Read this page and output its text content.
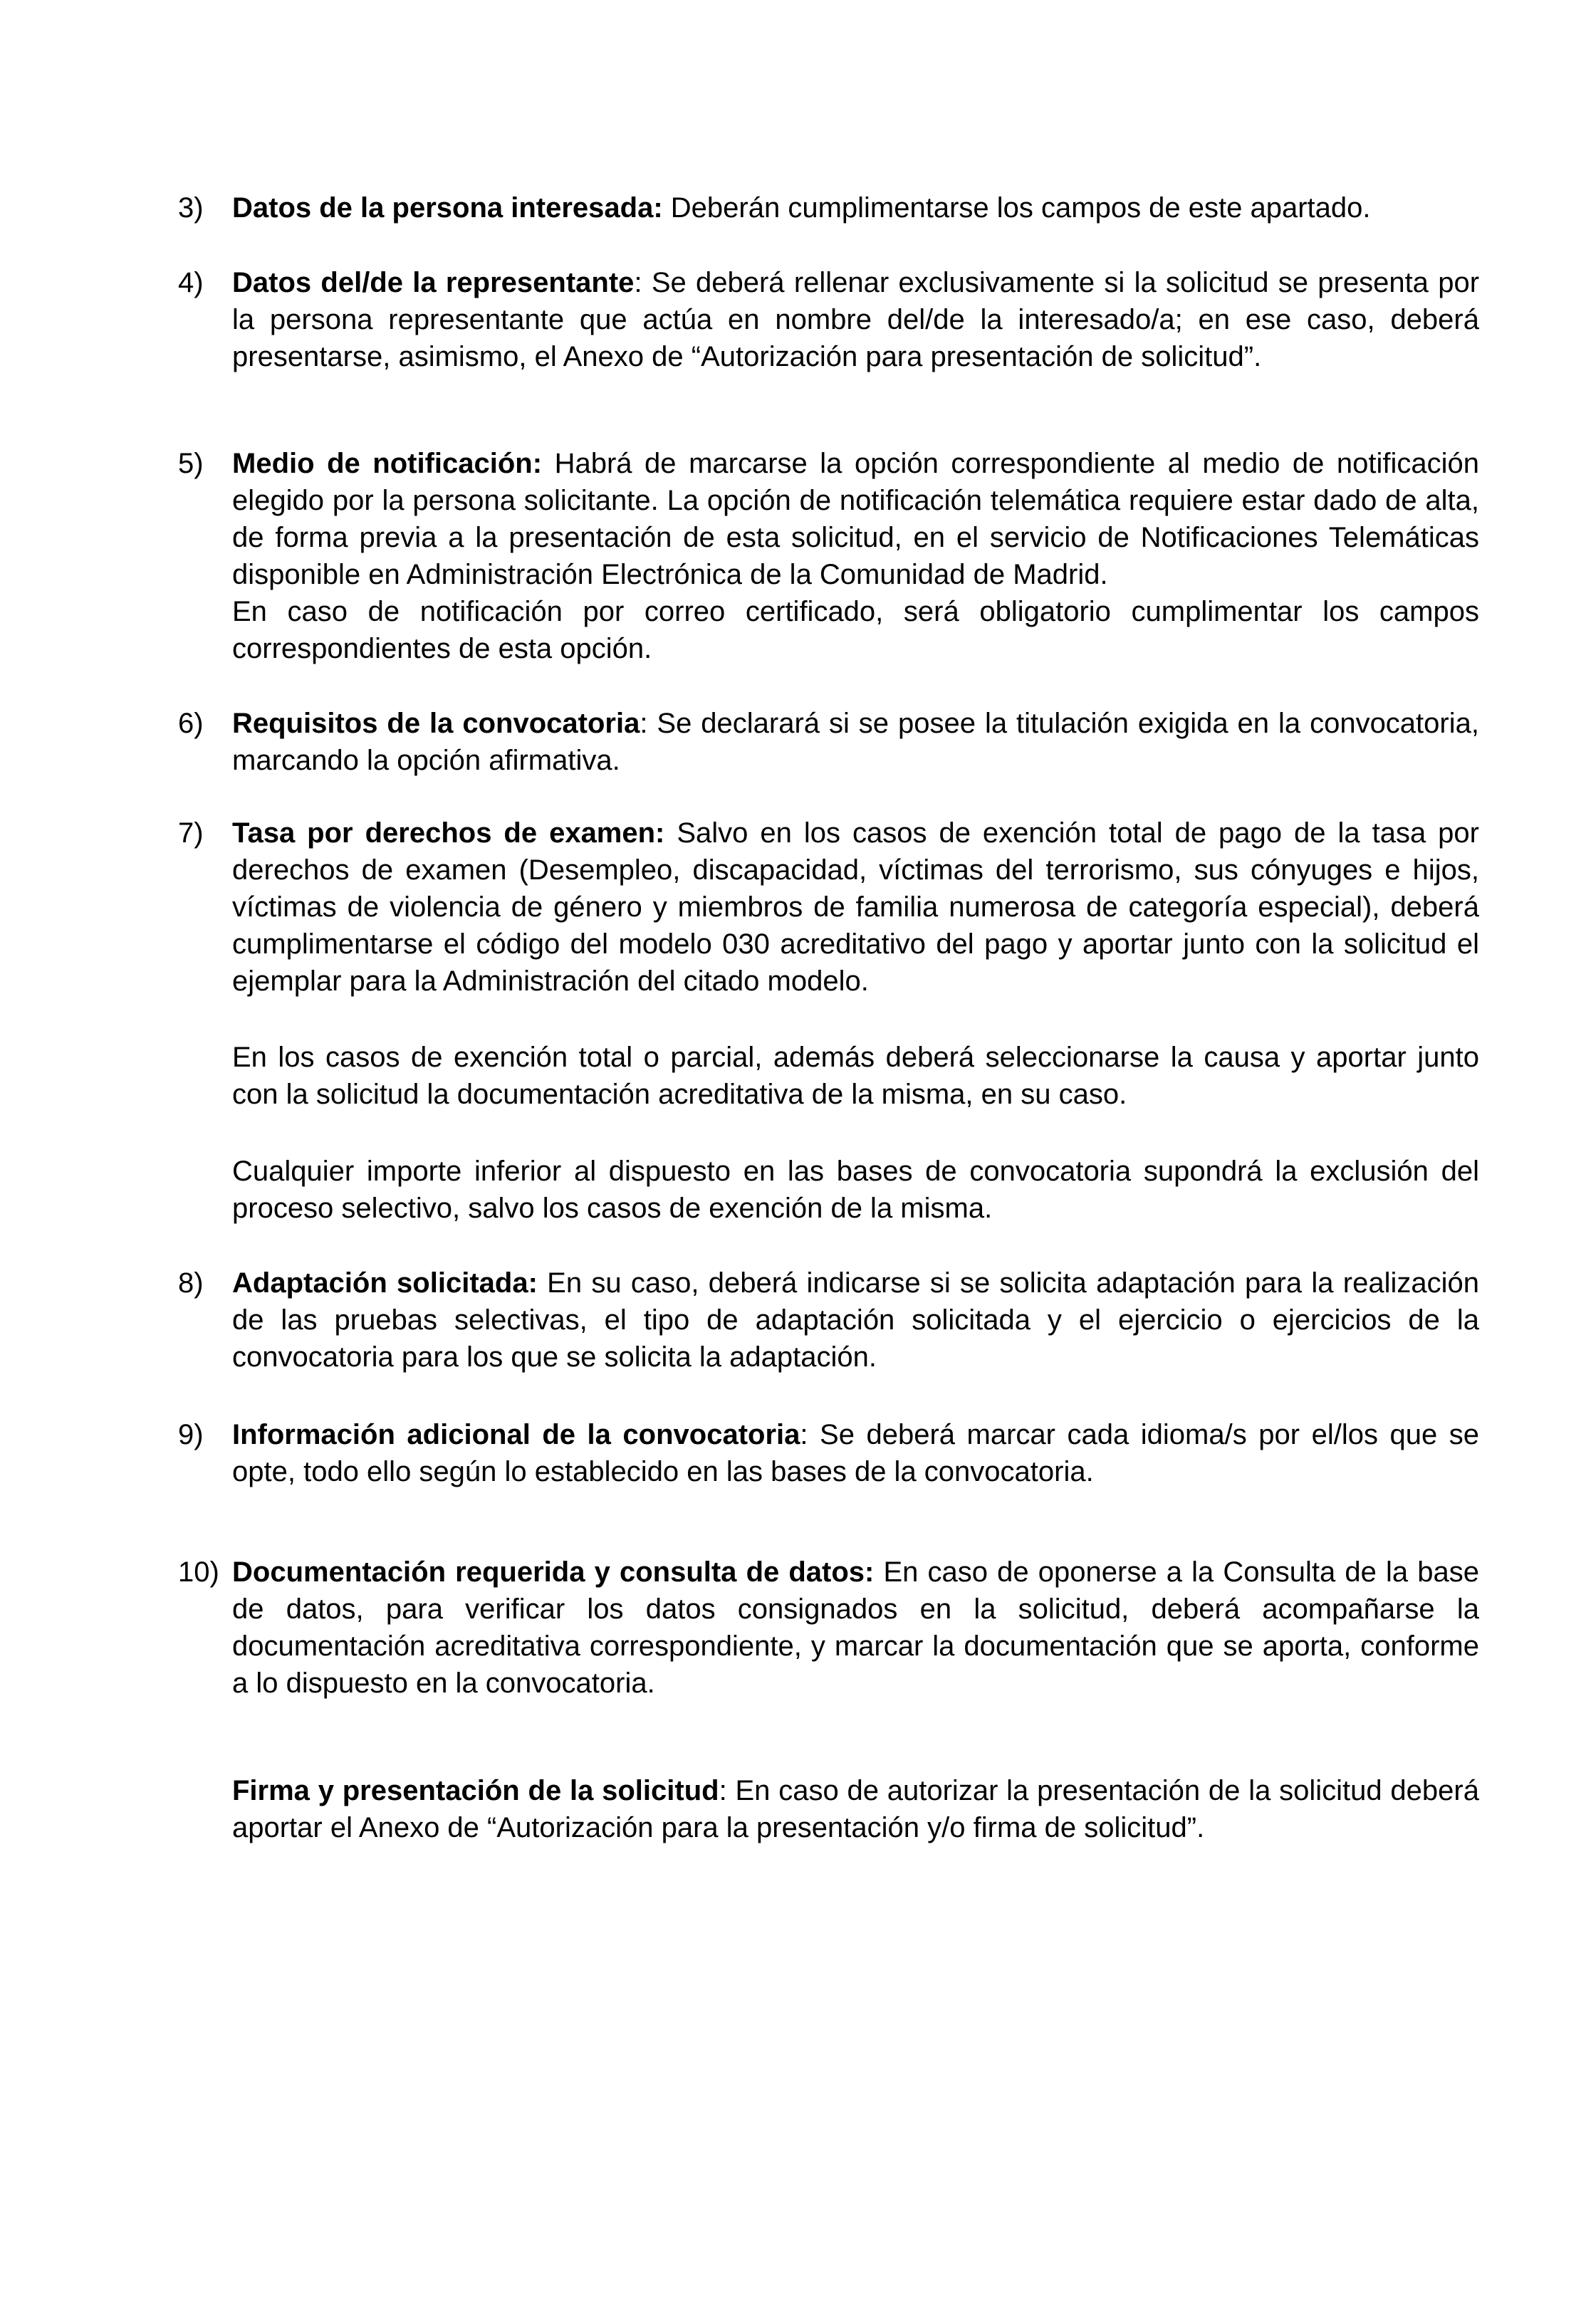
3) Datos de la persona interesada: Deberán cumplimentarse los campos de este apartado.

4) Datos del/de la representante: Se deberá rellenar exclusivamente si la solicitud se presenta por la persona representante que actúa en nombre del/de la interesado/a; en ese caso, deberá presentarse, asimismo, el Anexo de “Autorización para presentación de solicitud”.

5) Medio de notificación: Habrá de marcarse la opción correspondiente al medio de notificación elegido por la persona solicitante. La opción de notificación telemática requiere estar dado de alta, de forma previa a la presentación de esta solicitud, en el servicio de Notificaciones Telemáticas disponible en Administración Electrónica de la Comunidad de Madrid.

En caso de notificación por correo certificado, será obligatorio cumplimentar los campos correspondientes de esta opción.

6) Requisitos de la convocatoria: Se declarará si se posee la titulación exigida en la convocatoria, marcando la opción afirmativa.

7) Tasa por derechos de examen: Salvo en los casos de exención total de pago de la tasa por derechos de examen (Desempleo, discapacidad, víctimas del terrorismo, sus cónyuges e hijos, víctimas de violencia de género y miembros de familia numerosa de categoría especial), deberá cumplimentarse el código del modelo 030 acreditativo del pago y aportar junto con la solicitud el ejemplar para la Administración del citado modelo.

En los casos de exención total o parcial, además deberá seleccionarse la causa y aportar junto con la solicitud la documentación acreditativa de la misma, en su caso.

Cualquier importe inferior al dispuesto en las bases de convocatoria supondrá la exclusión del proceso selectivo, salvo los casos de exención de la misma.

8) Adaptación solicitada: En su caso, deberá indicarse si se solicita adaptación para la realización de las pruebas selectivas, el tipo de adaptación solicitada y el ejercicio o ejercicios de la convocatoria para los que se solicita la adaptación.

9) Información adicional de la convocatoria: Se deberá marcar cada idioma/s por el/los que se opte, todo ello según lo establecido en las bases de la convocatoria.

10) Documentación requerida y consulta de datos: En caso de oponerse a la Consulta de la base de datos, para verificar los datos consignados en la solicitud, deberá acompañarse la documentación acreditativa correspondiente, y marcar la documentación que se aporta, conforme a lo dispuesto en la convocatoria.

Firma y presentación de la solicitud: En caso de autorizar la presentación de la solicitud deberá aportar el Anexo de “Autorización para la presentación y/o firma de solicitud”.
